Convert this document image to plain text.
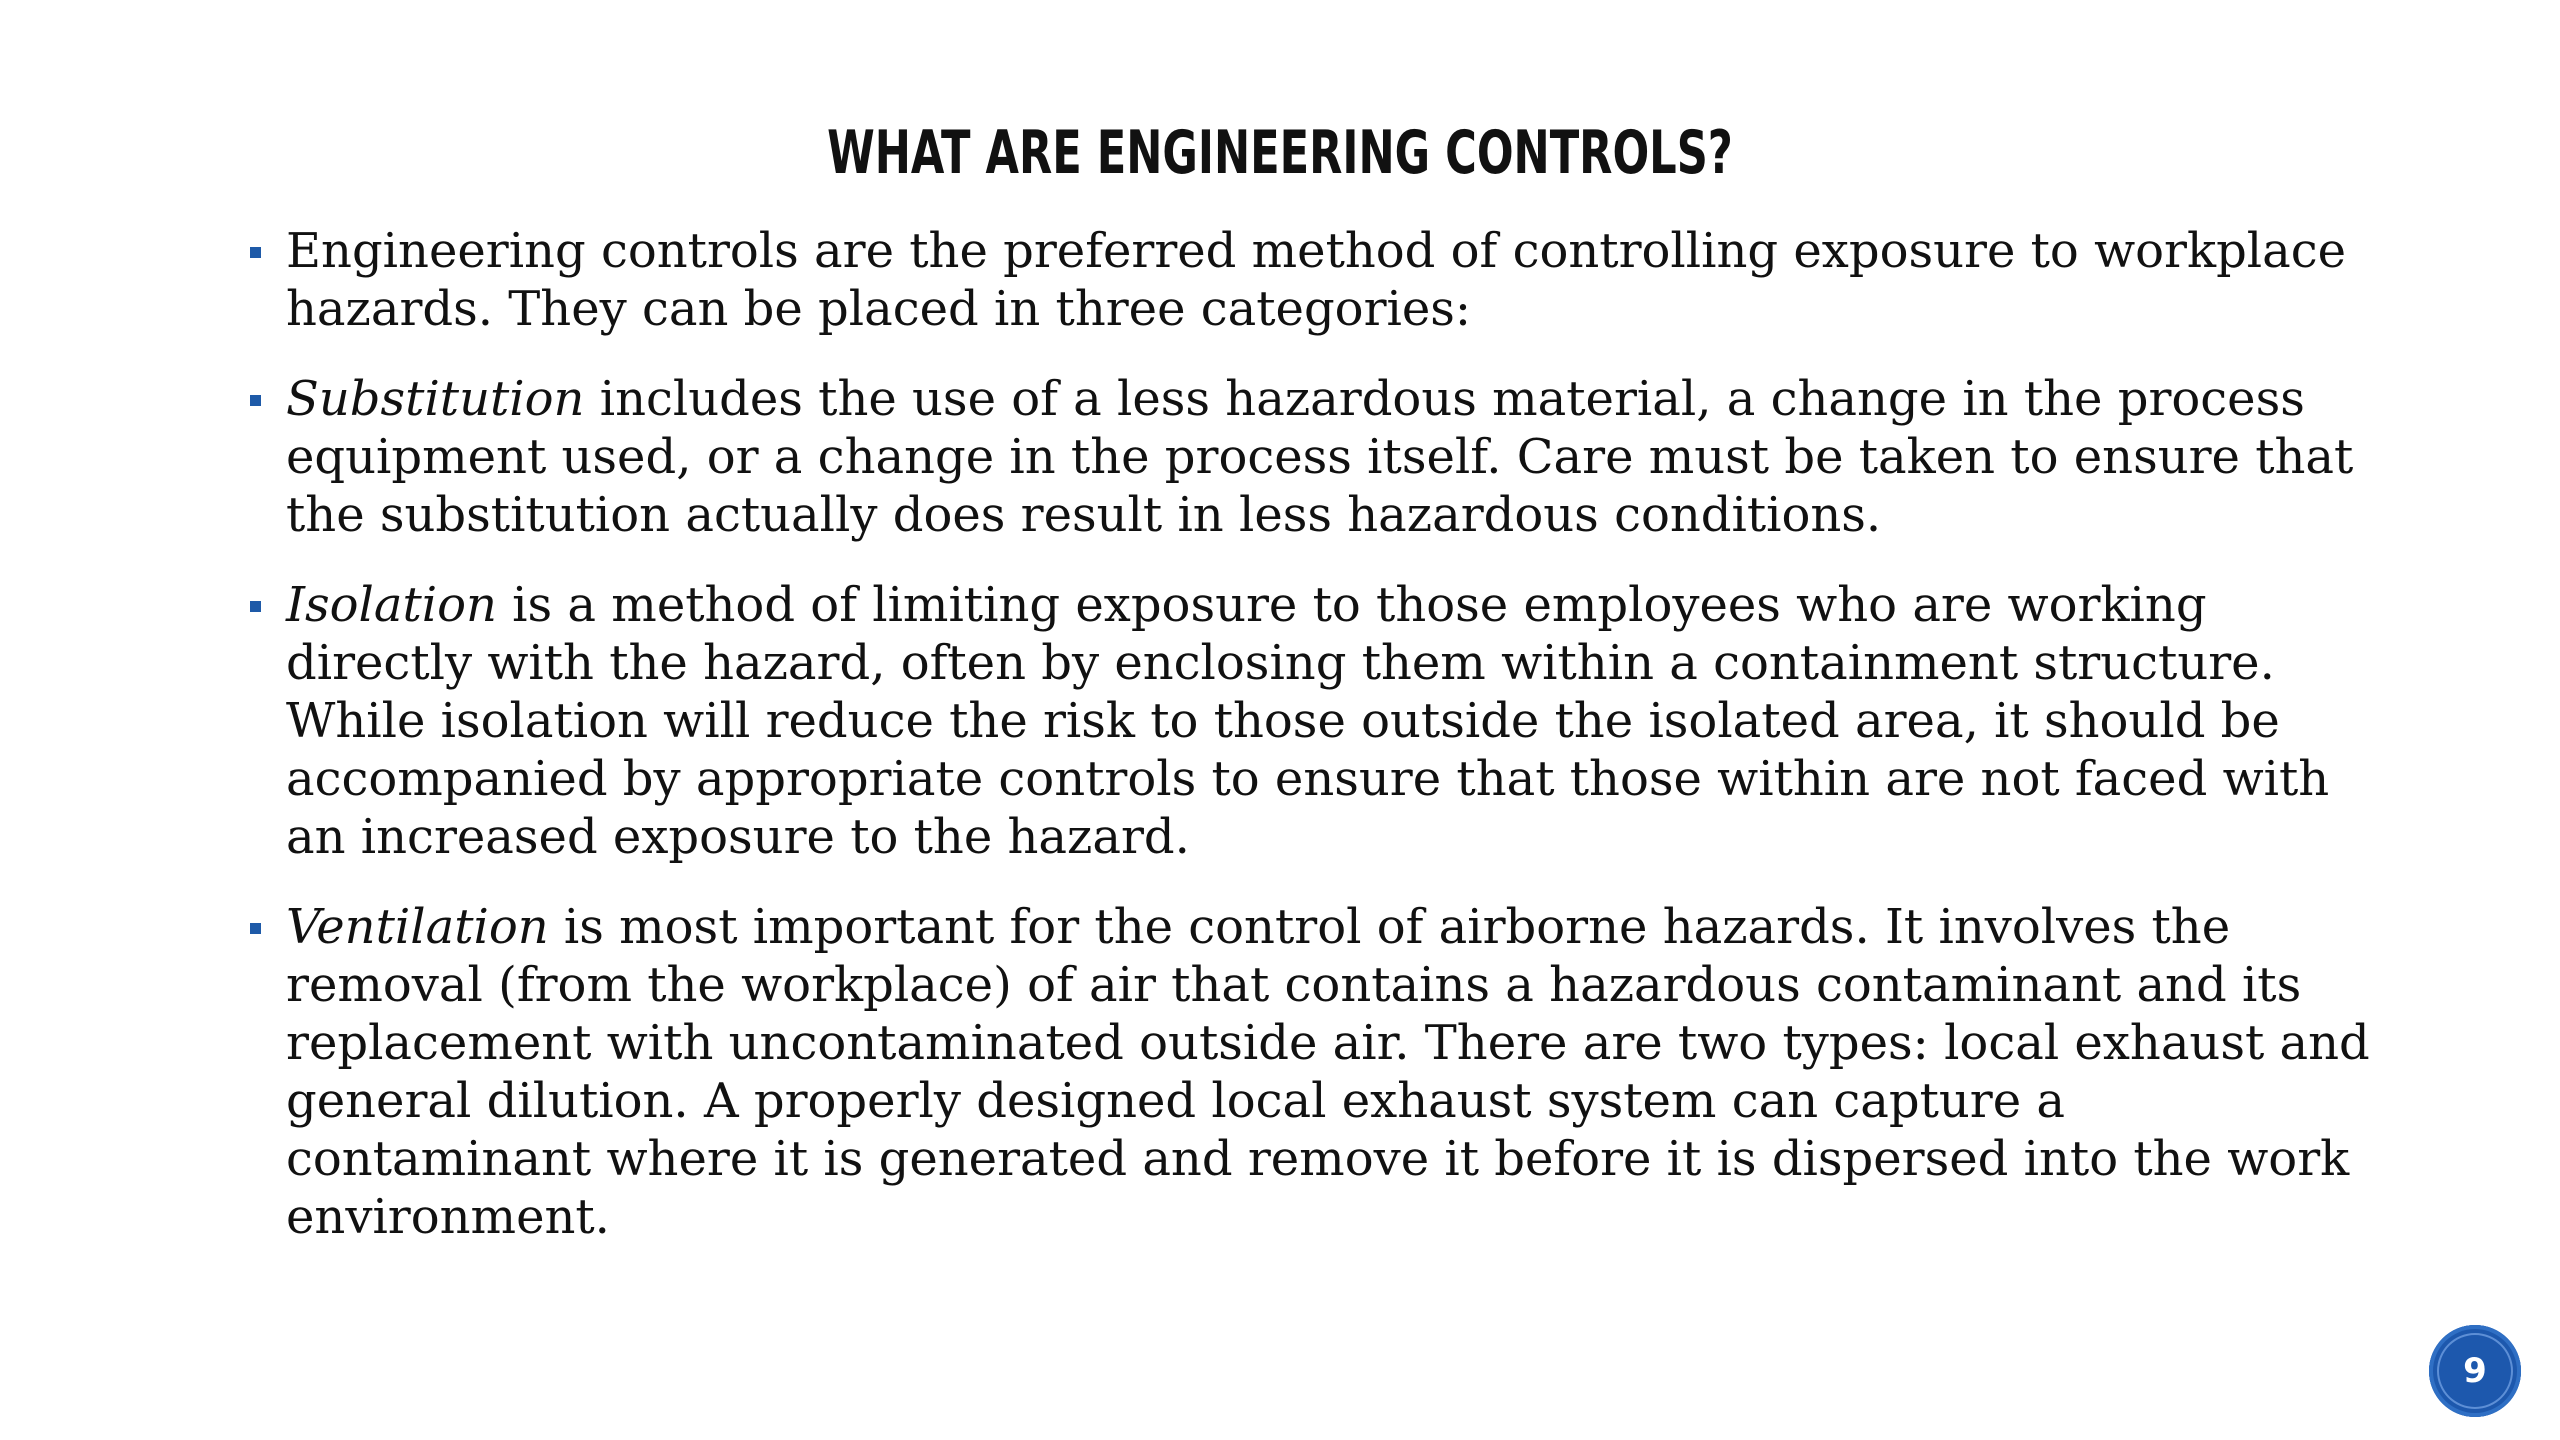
WHAT ARE ENGINEERING CONTROLS?
Engineering controls are the preferred method of controlling exposure to workplace hazards. They can be placed in three categories:
Substitution includes the use of a less hazardous material, a change in the process equipment used, or a change in the process itself. Care must be taken to ensure that the substitution actually does result in less hazardous conditions.
Isolation is a method of limiting exposure to those employees who are working directly with the hazard, often by enclosing them within a containment structure. While isolation will reduce the risk to those outside the isolated area, it should be accompanied by appropriate controls to ensure that those within are not faced with an increased exposure to the hazard.
Ventilation is most important for the control of airborne hazards. It involves the removal (from the workplace) of air that contains a hazardous contaminant and its replacement with uncontaminated outside air. There are two types: local exhaust and general dilution. A properly designed local exhaust system can capture a contaminant where it is generated and remove it before it is dispersed into the work environment.
9
